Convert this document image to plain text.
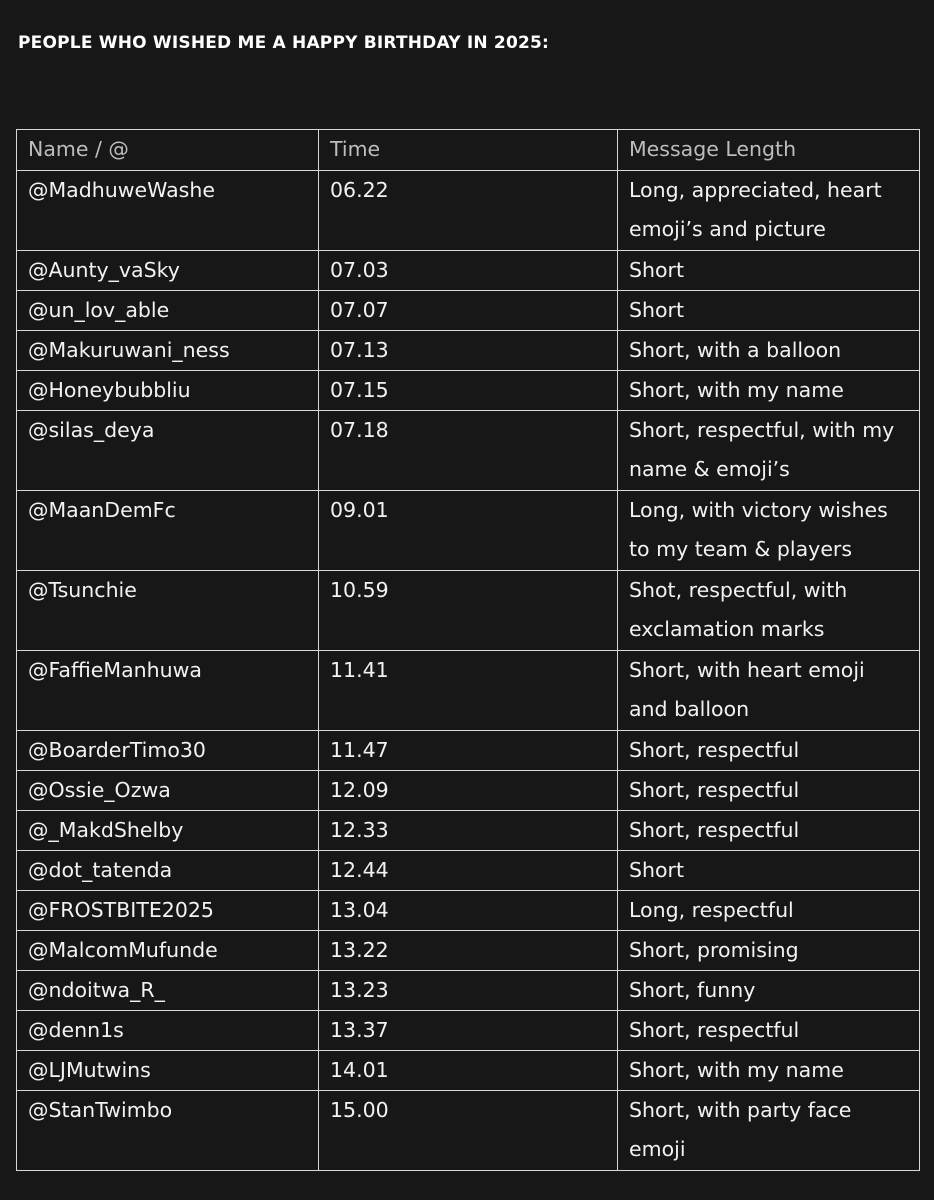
PEOPLE WHO WISHED ME A HAPPY BIRTHDAY IN 2025:
Name / @	Time	Message Length

@MadhuweWashe	06.22	Long, appreciated, heart emoji’s and picture

@Aunty_vaSky	07.03	Short

@un_lov_able	07.07	Short

@Makuruwani_ness	07.13	Short, with a balloon

@Honeybubbliu	07.15	Short, with my name

@silas_deya	07.18	Short, respectful, with my name & emoji’s

@MaanDemFc	09.01	Long, with victory wishes to my team & players

@Tsunchie	10.59	Shot, respectful, with exclamation marks

@FaffieManhuwa	11.41	Short, with heart emoji and balloon

@BoarderTimo30	11.47	Short, respectful

@Ossie_Ozwa	12.09	Short, respectful

@_MakdShelby	12.33	Short, respectful

@dot_tatenda	12.44	Short

@FROSTBITE2025	13.04	Long, respectful

@MalcomMufunde	13.22	Short, promising

@ndoitwa_R_	13.23	Short, funny

@denn1s	13.37	Short, respectful

@LJMutwins	14.01	Short, with my name

@StanTwimbo	15.00	Short, with party face emoji
